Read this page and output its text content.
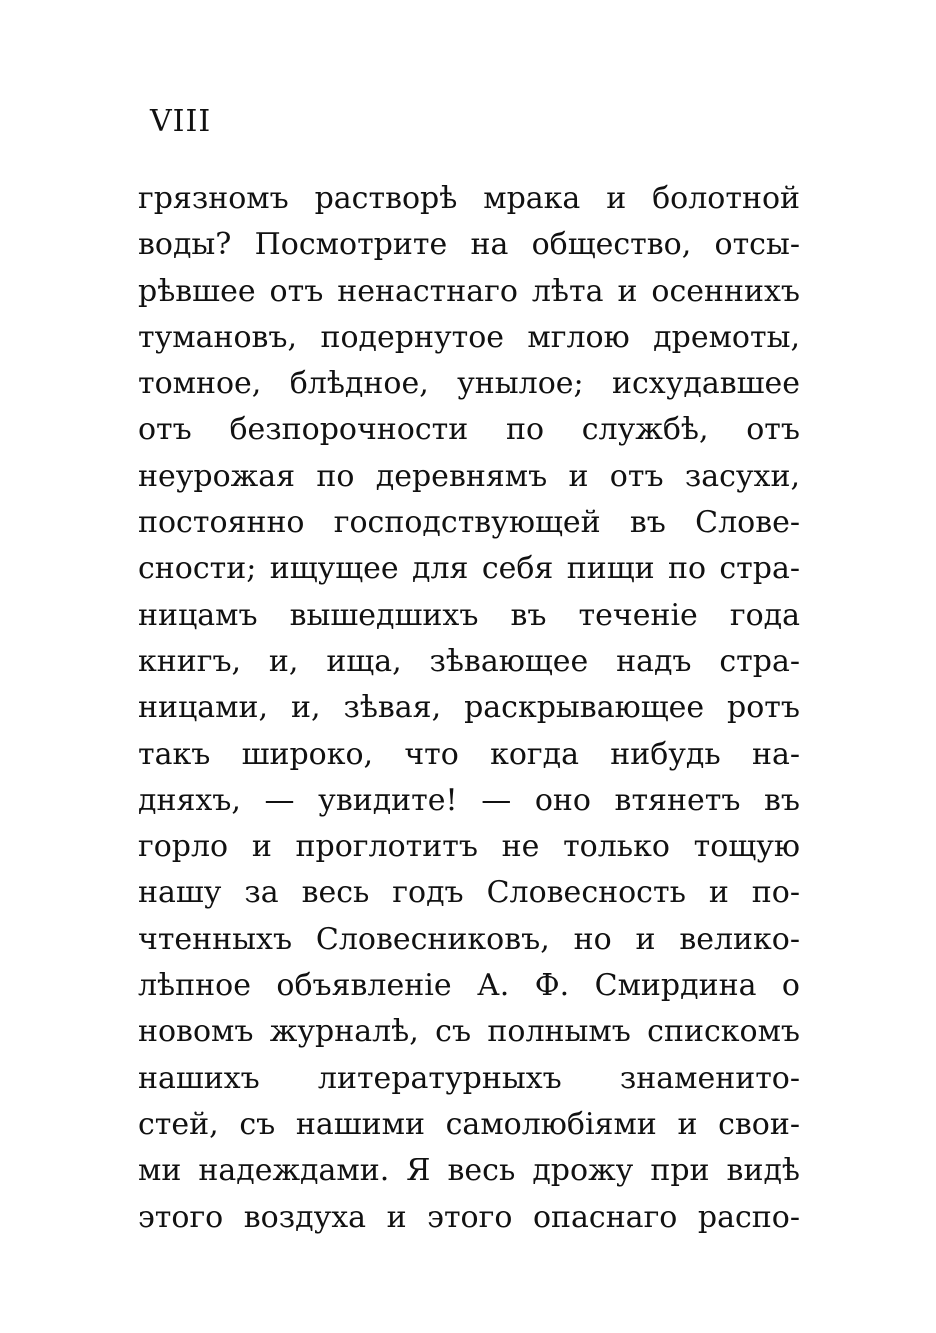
VIII
грязномъ растворѣ мрака и болотной
воды? Посмотрите на общество, отсы-
рѣвшее отъ ненастнаго лѣта и осеннихъ
тумановъ, подернутое мглою дремоты,
томное, блѣдное, унылое; исхудавшее
отъ безпорочности по службѣ, отъ
неурожая по деревнямъ и отъ засухи,
постоянно господствующей въ Слове-
сности; ищущее для себя пищи по стра-
ницамъ вышедшихъ въ теченіе года
книгъ, и, ища, зѣвающее надъ стра-
ницами, и, зѣвая, раскрывающее ротъ
такъ широко, что когда нибудь на-
дняхъ, — увидите! — оно втянетъ въ
горло и проглотитъ не только тощую
нашу за весь годъ Словесность и по-
чтенныхъ Словесниковъ, но и велико-
лѣпное объявленіе А. Ф. Смирдина о
новомъ журналѣ, съ полнымъ спискомъ
нашихъ литературныхъ знаменито-
стей, съ нашими самолюбіями и свои-
ми надеждами. Я весь дрожу при видѣ
этого воздуха и этого опаснаго распо-
